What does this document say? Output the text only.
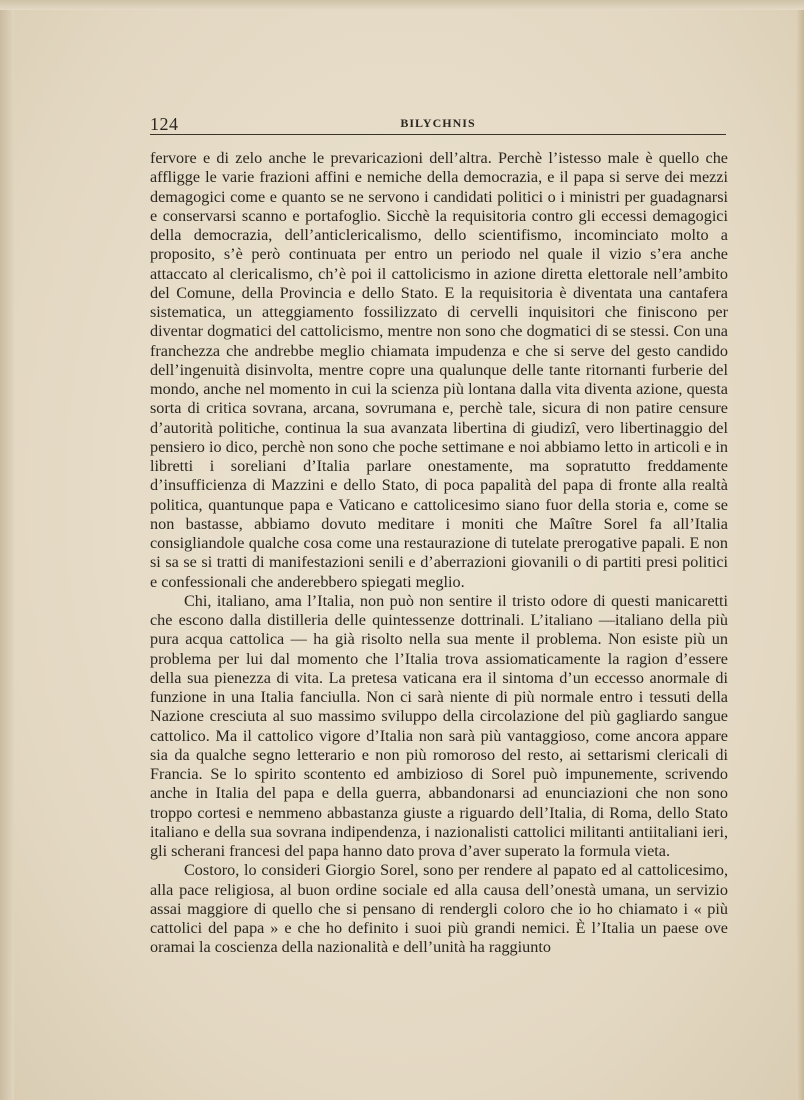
124	BILYCHNIS

fervore e di zelo anche le prevaricazioni dell’altra. Perchè l’istesso male è quello che affligge le varie frazioni affini e nemiche della democrazia, e il papa si serve dei mezzi demagogici come e quanto se ne servono i candidati politici o i ministri per guadagnarsi e conservarsi scanno e portafoglio. Sicchè la requisitoria contro gli eccessi demagogici della democrazia, dell’anticlericalismo, dello scientifismo, incominciato molto a proposito, s’è però continuata per entro un periodo nel quale il vizio s’era anche attaccato al clericalismo, ch’è poi il cattolicismo in azione diretta elettorale nell’ambito del Comune, della Provincia e dello Stato. E la requisitoria è diventata una cantafera sistematica, un atteggiamento fossilizzato di cervelli inquisitori che finiscono per diventar dogmatici del cattolicismo, mentre non sono che dogmatici di se stessi. Con una franchezza che andrebbe meglio chiamata impudenza e che si serve del gesto candido dell’ingenuità disinvolta, mentre copre una qualunque delle tante ritornanti furberie del mondo, anche nel momento in cui la scienza più lontana dalla vita diventa azione, questa sorta di critica sovrana, arcana, sovrumana e, perchè tale, sicura di non patire censure d’autorità politiche, continua la sua avanzata libertina di giudizî, vero libertinaggio del pensiero io dico, perchè non sono che poche settimane e noi abbiamo letto in articoli e in libretti i soreliani d’Italia parlare onestamente, ma sopratutto freddamente d’insufficienza di Mazzini e dello Stato, di poca papalità del papa di fronte alla realtà politica, quantunque papa e Vaticano e cattolicesimo siano fuor della storia e, come se non bastasse, abbiamo dovuto meditare i moniti che Maître Sorel fa all’Italia consigliandole qualche cosa come una restaurazione di tutelate prerogative papali. E non si sa se si tratti di manifestazioni senili e d’aberrazioni giovanili o di partiti presi politici e confessionali che anderebbero spiegati meglio.

Chi, italiano, ama l’Italia, non può non sentire il tristo odore di questi manicaretti che escono dalla distilleria delle quintessenze dottrinali. L’italiano —italiano della più pura acqua cattolica — ha già risolto nella sua mente il problema. Non esiste più un problema per lui dal momento che l’Italia trova assiomaticamente la ragion d’essere della sua pienezza di vita. La pretesa vaticana era il sintoma d’un eccesso anormale di funzione in una Italia fanciulla. Non ci sarà niente di più normale entro i tessuti della Nazione cresciuta al suo massimo sviluppo della circolazione del più gagliardo sangue cattolico. Ma il cattolico vigore d’Italia non sarà più vantaggioso, come ancora appare sia da qualche segno letterario e non più romoroso del resto, ai settarismi clericali di Francia. Se lo spirito scontento ed ambizioso di Sorel può impunemente, scrivendo anche in Italia del papa e della guerra, abbandonarsi ad enunciazioni che non sono troppo cortesi e nemmeno abbastanza giuste a riguardo dell’Italia, di Roma, dello Stato italiano e della sua sovrana indipendenza, i nazionalisti cattolici militanti antiitaliani ieri, gli scherani francesi del papa hanno dato prova d’aver superato la formula vieta.

Costoro, lo consideri Giorgio Sorel, sono per rendere al papato ed al cattolicesimo, alla pace religiosa, al buon ordine sociale ed alla causa dell’onestà umana, un servizio assai maggiore di quello che si pensano di rendergli coloro che io ho chiamato i « più cattolici del papa » e che ho definito i suoi più grandi nemici. È l’Italia un paese ove oramai la coscienza della nazionalità e dell’unità ha raggiunto
